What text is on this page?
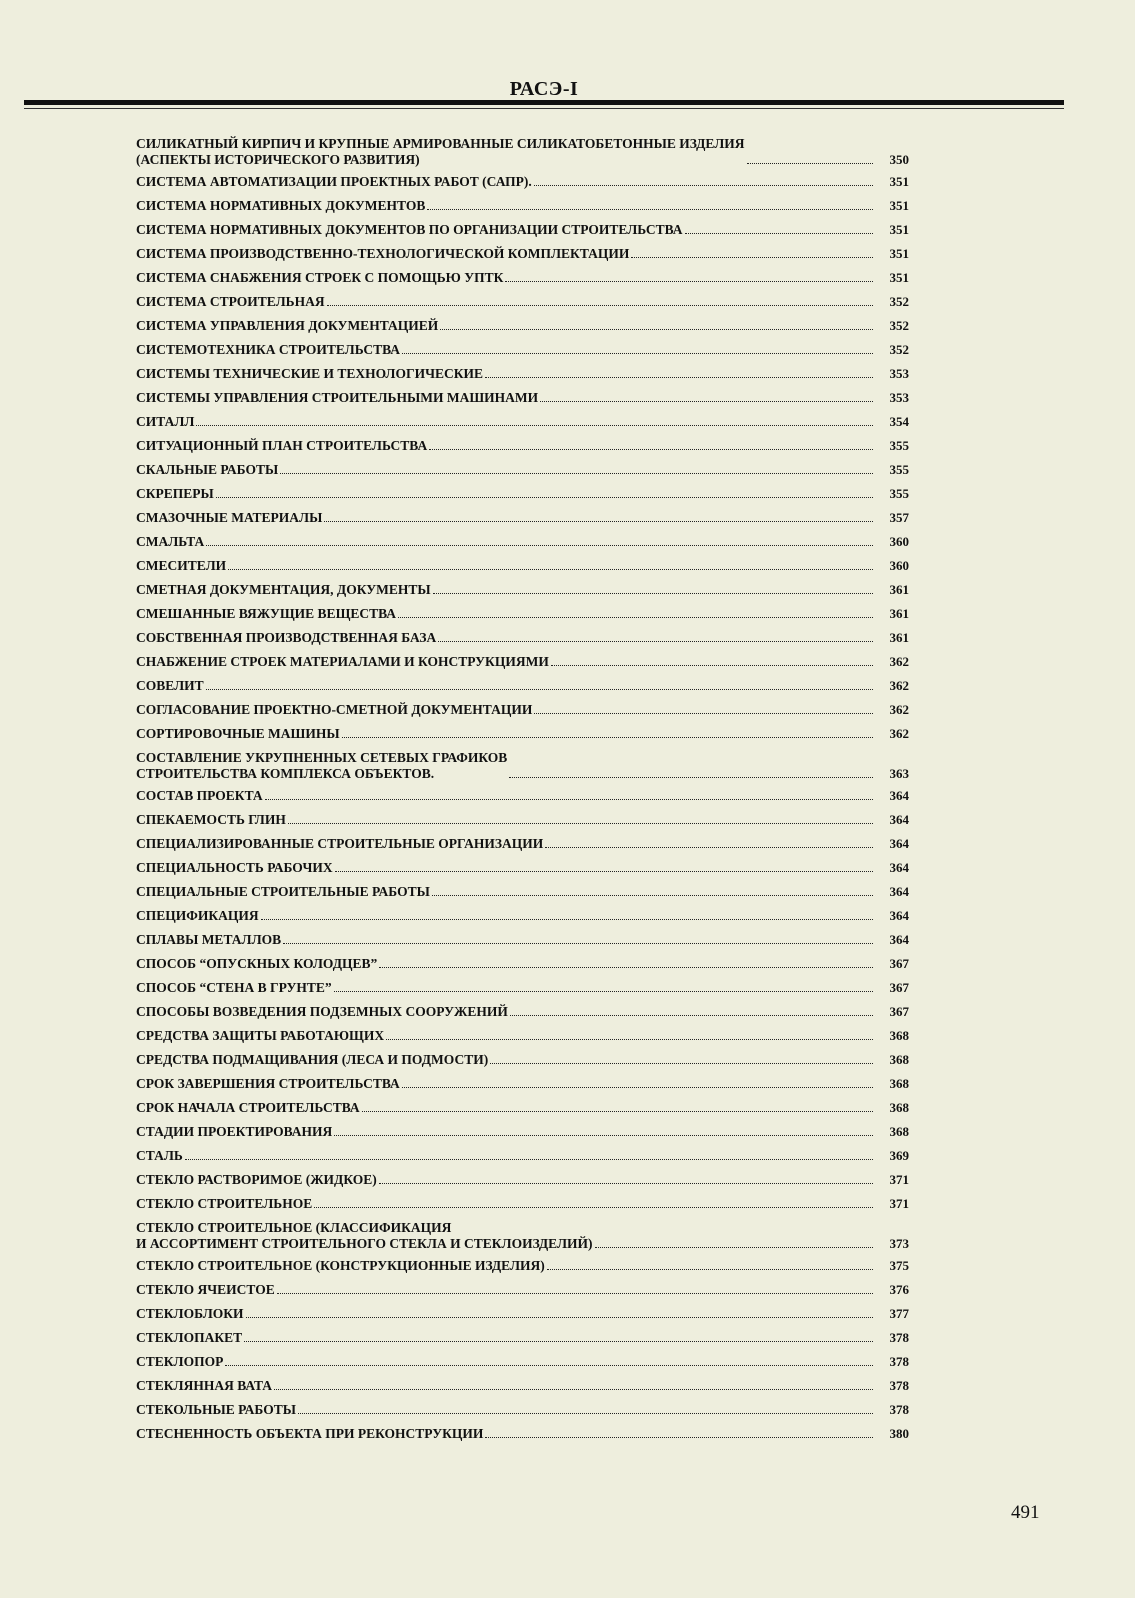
РАСЭ-I
СИЛИКАТНЫЙ КИРПИЧ И КРУПНЫЕ АРМИРОВАННЫЕ СИЛИКАТОБЕТОННЫЕ ИЗДЕЛИЯ
(АСПЕКТЫ ИСТОРИЧЕСКОГО РАЗВИТИЯ)	350
СИСТЕМА АВТОМАТИЗАЦИИ ПРОЕКТНЫХ РАБОТ (САПР).	351
СИСТЕМА НОРМАТИВНЫХ ДОКУМЕНТОВ	351
СИСТЕМА НОРМАТИВНЫХ ДОКУМЕНТОВ ПО ОРГАНИЗАЦИИ СТРОИТЕЛЬСТВА	351
СИСТЕМА ПРОИЗВОДСТВЕННО-ТЕХНОЛОГИЧЕСКОЙ КОМПЛЕКТАЦИИ	351
СИСТЕМА СНАБЖЕНИЯ СТРОЕК С ПОМОЩЬЮ УПТК	351
СИСТЕМА СТРОИТЕЛЬНАЯ	352
СИСТЕМА УПРАВЛЕНИЯ ДОКУМЕНТАЦИЕЙ	352
СИСТЕМОТЕХНИКА СТРОИТЕЛЬСТВА	352
СИСТЕМЫ ТЕХНИЧЕСКИЕ И ТЕХНОЛОГИЧЕСКИЕ	353
СИСТЕМЫ УПРАВЛЕНИЯ СТРОИТЕЛЬНЫМИ МАШИНАМИ	353
СИТАЛЛ	354
СИТУАЦИОННЫЙ ПЛАН СТРОИТЕЛЬСТВА	355
СКАЛЬНЫЕ РАБОТЫ	355
СКРЕПЕРЫ	355
СМАЗОЧНЫЕ МАТЕРИАЛЫ	357
СМАЛЬТА	360
СМЕСИТЕЛИ	360
СМЕТНАЯ ДОКУМЕНТАЦИЯ, ДОКУМЕНТЫ	361
СМЕШАННЫЕ ВЯЖУЩИЕ ВЕЩЕСТВА	361
СОБСТВЕННАЯ ПРОИЗВОДСТВЕННАЯ БАЗА	361
СНАБЖЕНИЕ СТРОЕК МАТЕРИАЛАМИ И КОНСТРУКЦИЯМИ	362
СОВЕЛИТ	362
СОГЛАСОВАНИЕ ПРОЕКТНО-СМЕТНОЙ ДОКУМЕНТАЦИИ	362
СОРТИРОВОЧНЫЕ МАШИНЫ	362
СОСТАВЛЕНИЕ УКРУПНЕННЫХ СЕТЕВЫХ ГРАФИКОВ
СТРОИТЕЛЬСТВА КОМПЛЕКСА ОБЪЕКТОВ.	363
СОСТАВ ПРОЕКТА	364
СПЕКАЕМОСТЬ ГЛИН	364
СПЕЦИАЛИЗИРОВАННЫЕ СТРОИТЕЛЬНЫЕ ОРГАНИЗАЦИИ	364
СПЕЦИАЛЬНОСТЬ РАБОЧИХ	364
СПЕЦИАЛЬНЫЕ СТРОИТЕЛЬНЫЕ РАБОТЫ	364
СПЕЦИФИКАЦИЯ	364
СПЛАВЫ МЕТАЛЛОВ	364
СПОСОБ “ОПУСКНЫХ КОЛОДЦЕВ”	367
СПОСОБ “СТЕНА В ГРУНТЕ”	367
СПОСОБЫ ВОЗВЕДЕНИЯ ПОДЗЕМНЫХ СООРУЖЕНИЙ	367
СРЕДСТВА ЗАЩИТЫ РАБОТАЮЩИХ	368
СРЕДСТВА ПОДМАЩИВАНИЯ (ЛЕСА И ПОДМОСТИ)	368
СРОК ЗАВЕРШЕНИЯ СТРОИТЕЛЬСТВА	368
СРОК НАЧАЛА СТРОИТЕЛЬСТВА	368
СТАДИИ ПРОЕКТИРОВАНИЯ	368
СТАЛЬ	369
СТЕКЛО РАСТВОРИМОЕ (ЖИДКОЕ)	371
СТЕКЛО СТРОИТЕЛЬНОЕ	371
СТЕКЛО СТРОИТЕЛЬНОЕ (КЛАССИФИКАЦИЯ
И АССОРТИМЕНТ СТРОИТЕЛЬНОГО СТЕКЛА И СТЕКЛОИЗДЕЛИЙ)	373
СТЕКЛО СТРОИТЕЛЬНОЕ (КОНСТРУКЦИОННЫЕ ИЗДЕЛИЯ)	375
СТЕКЛО ЯЧЕИСТОЕ	376
СТЕКЛОБЛОКИ	377
СТЕКЛОПАКЕТ	378
СТЕКЛОПОР	378
СТЕКЛЯННАЯ ВАТА	378
СТЕКОЛЬНЫЕ РАБОТЫ	378
СТЕСНЕННОСТЬ ОБЪЕКТА ПРИ РЕКОНСТРУКЦИИ	380
491
